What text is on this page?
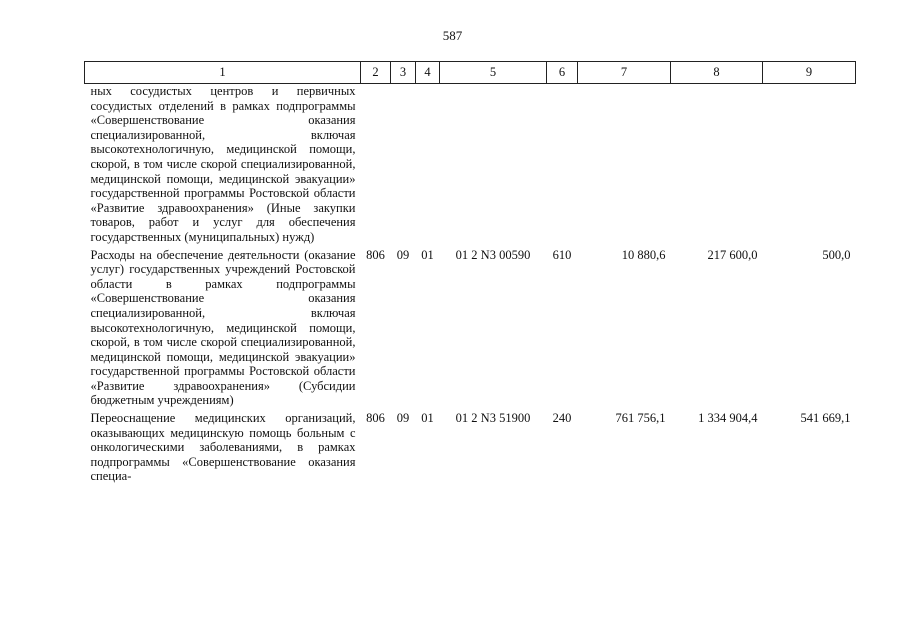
587
1	2	3	4	5	6	7	8	9
ных сосудистых центров и первичных сосудистых отделений в рамках подпрограммы «Совершенствование оказания специализированной, включая высокотехнологичную, медицинской помощи, скорой, в том числе скорой специализированной, медицинской помощи, медицинской эвакуации» государственной программы Ростовской области «Развитие здравоохранения» (Иные закупки товаров, работ и услуг для обеспечения государственных (муниципальных) нужд)								
Расходы на обеспечение деятельности (оказание услуг) государственных учреждений Ростовской области в рамках подпрограммы «Совершенствование оказания специализированной, включая высокотехнологичную, медицинской помощи, скорой, в том числе скорой специализированной, медицинской помощи, медицинской эвакуации» государственной программы Ростовской области «Развитие здравоохранения» (Субсидии бюджетным учреждениям)	806	09	01	01 2 N3 00590	610	10 880,6	217 600,0	500,0
Переоснащение медицинских организаций, оказывающих медицинскую помощь больным с онкологическими заболеваниями, в рамках подпрограммы «Совершенствование оказания специа-	806	09	01	01 2 N3 51900	240	761 756,1	1 334 904,4	541 669,1
